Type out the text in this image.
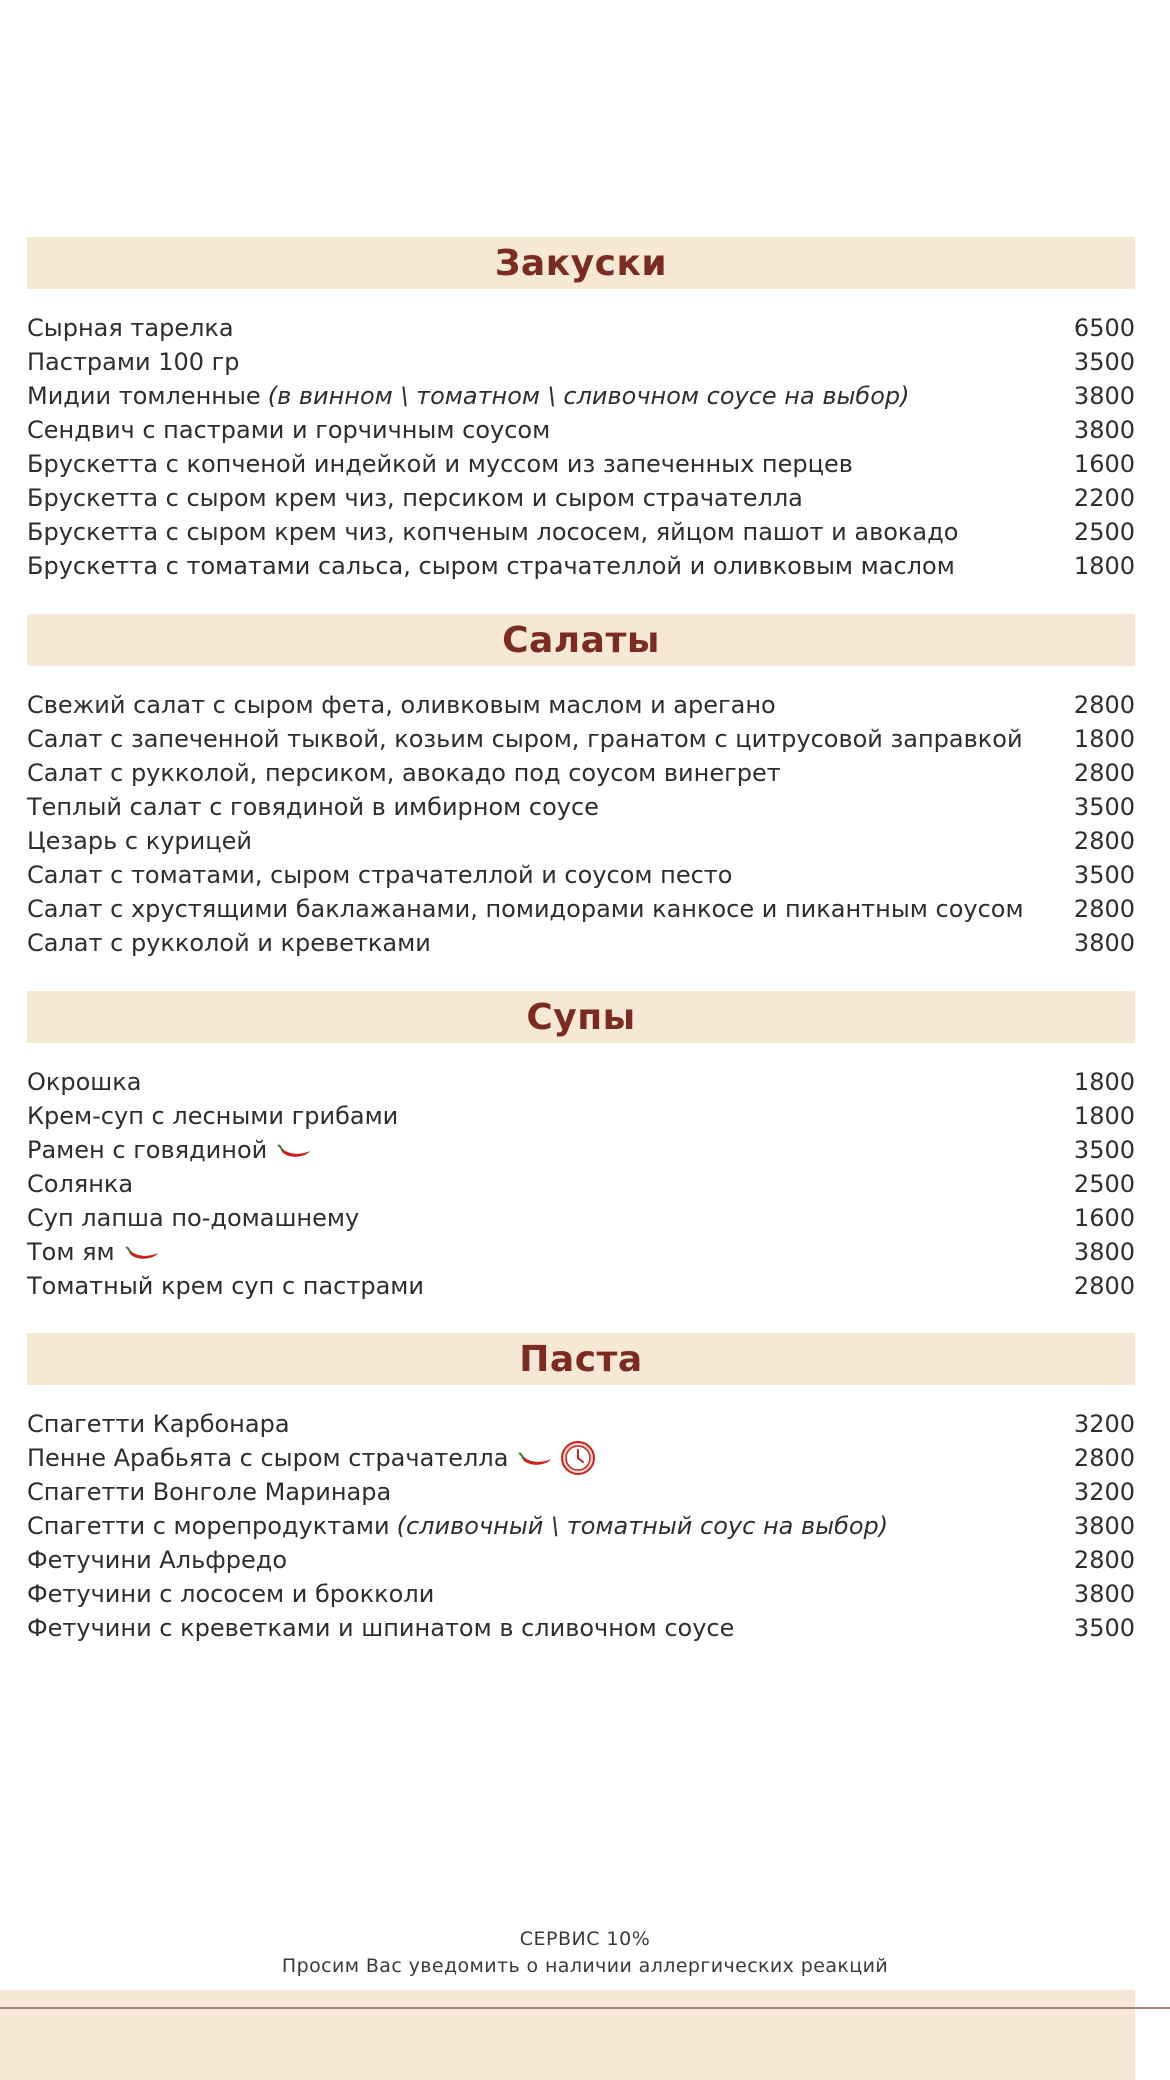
Закуски
Сырная тарелка	6500
Пастрами 100 гр	3500
Мидии томленные (в винном \ томатном \ сливочном соусе на выбор)	3800
Сендвич с пастрами и горчичным соусом	3800
Брускетта с копченой индейкой и муссом из запеченных перцев	1600
Брускетта с сыром крем чиз, персиком и сыром страчателла	2200
Брускетта с сыром крем чиз, копченым лососем, яйцом пашот и авокадо	2500
Брускетта с томатами сальса, сыром страчателлой и оливковым маслом	1800
Салаты
Свежий салат с сыром фета, оливковым маслом и арегано	2800
Салат с запеченной тыквой, козьим сыром, гранатом с цитрусовой заправкой 1800
Салат с рукколой, персиком, авокадо под соусом винегрет	2800
Теплый салат с говядиной в имбирном соусе	3500
Цезарь с курицей	2800
Салат с томатами, сыром страчателлой и соусом песто	3500
Салат с хрустящими баклажанами, помидорами канкосе и пикантным соусом 2800
Салат с рукколой и креветками	3800
Супы
Окрошка	1800
Крем-суп с лесными грибами	1800
Рамен с говядиной	3500
Солянка	2500
Суп лапша по-домашнему	1600
Том ям	3800
Томатный крем суп с пастрами	2800
Паста
Спагетти Карбонара	3200
Пенне Арабьята с сыром страчателла	2800
Спагетти Вонголе Маринара	3200
Спагетти с морепродуктами (сливочный \ томатный соус на выбор)	3800
Фетучини Альфредо	2800
Фетучини с лососем и брокколи	3800
Фетучини с креветками и шпинатом в сливочном соусе	3500
СЕРВИС 10%
Просим Вас уведомить о наличии аллергических реакций
